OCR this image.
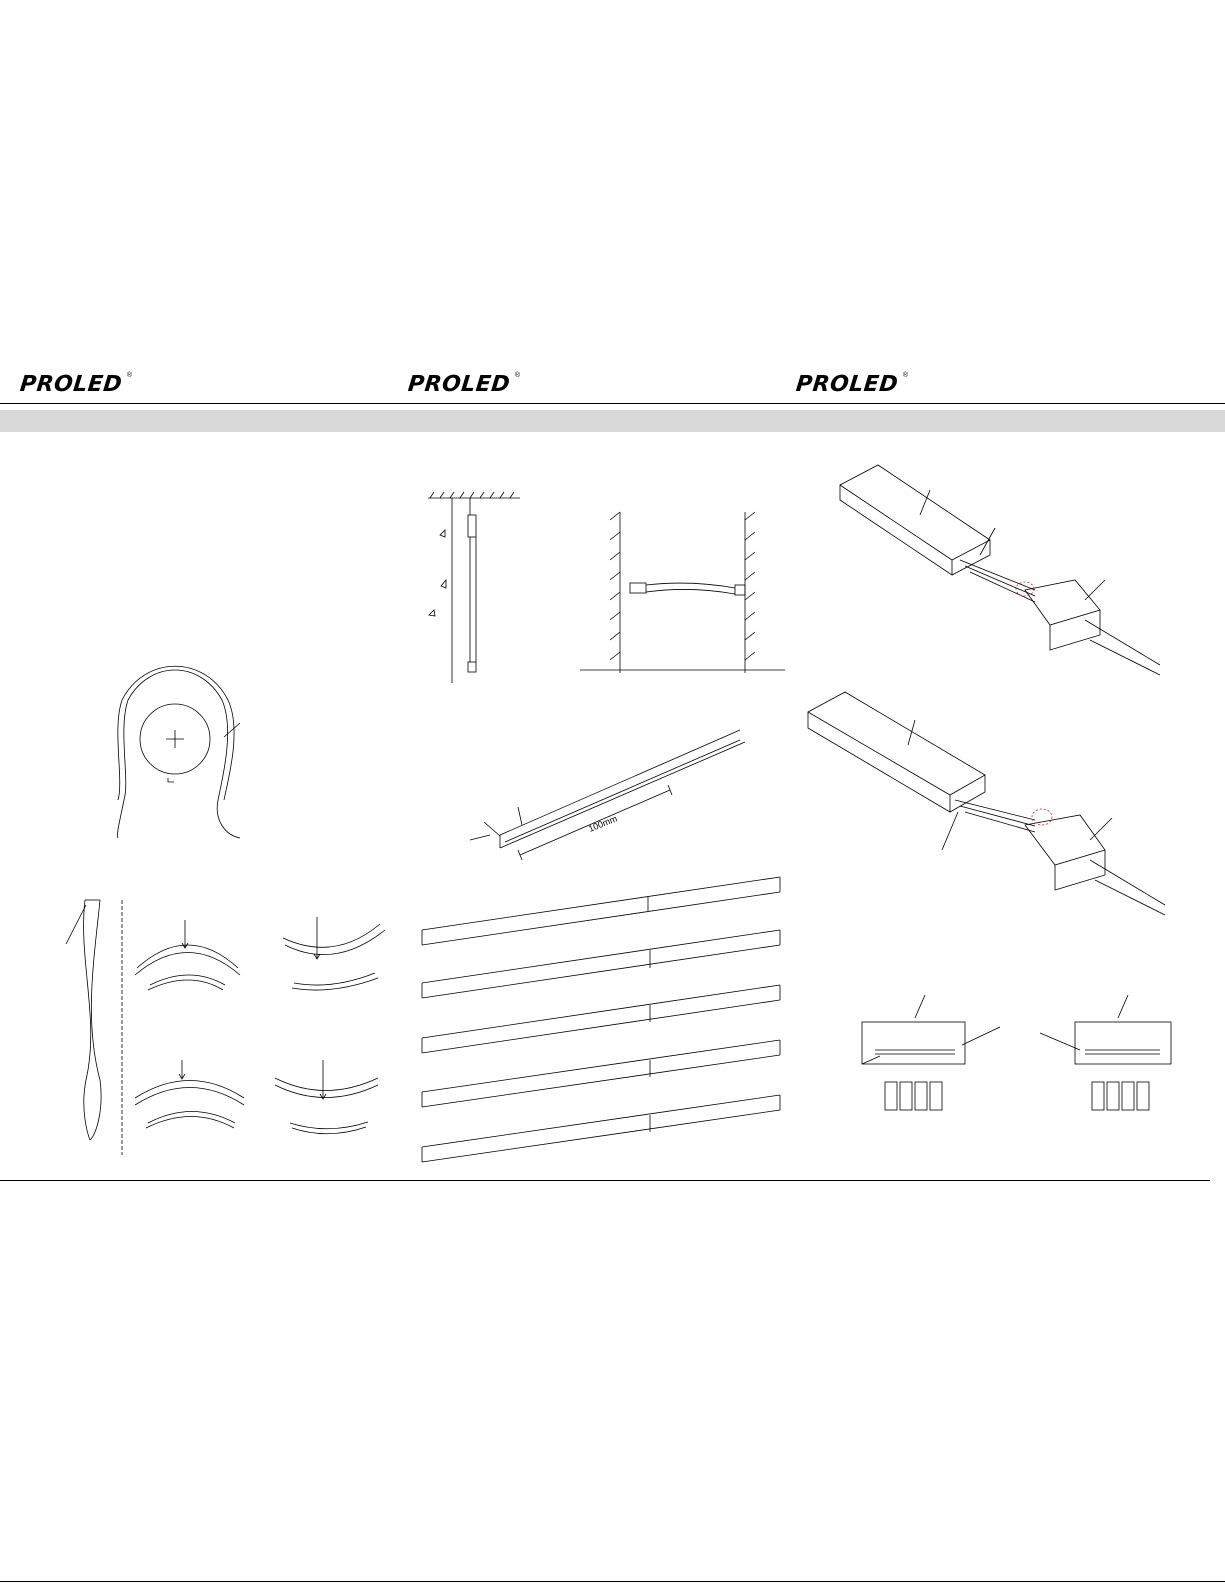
PROLED ®	PROLED ®	PROLED ®
100mm
